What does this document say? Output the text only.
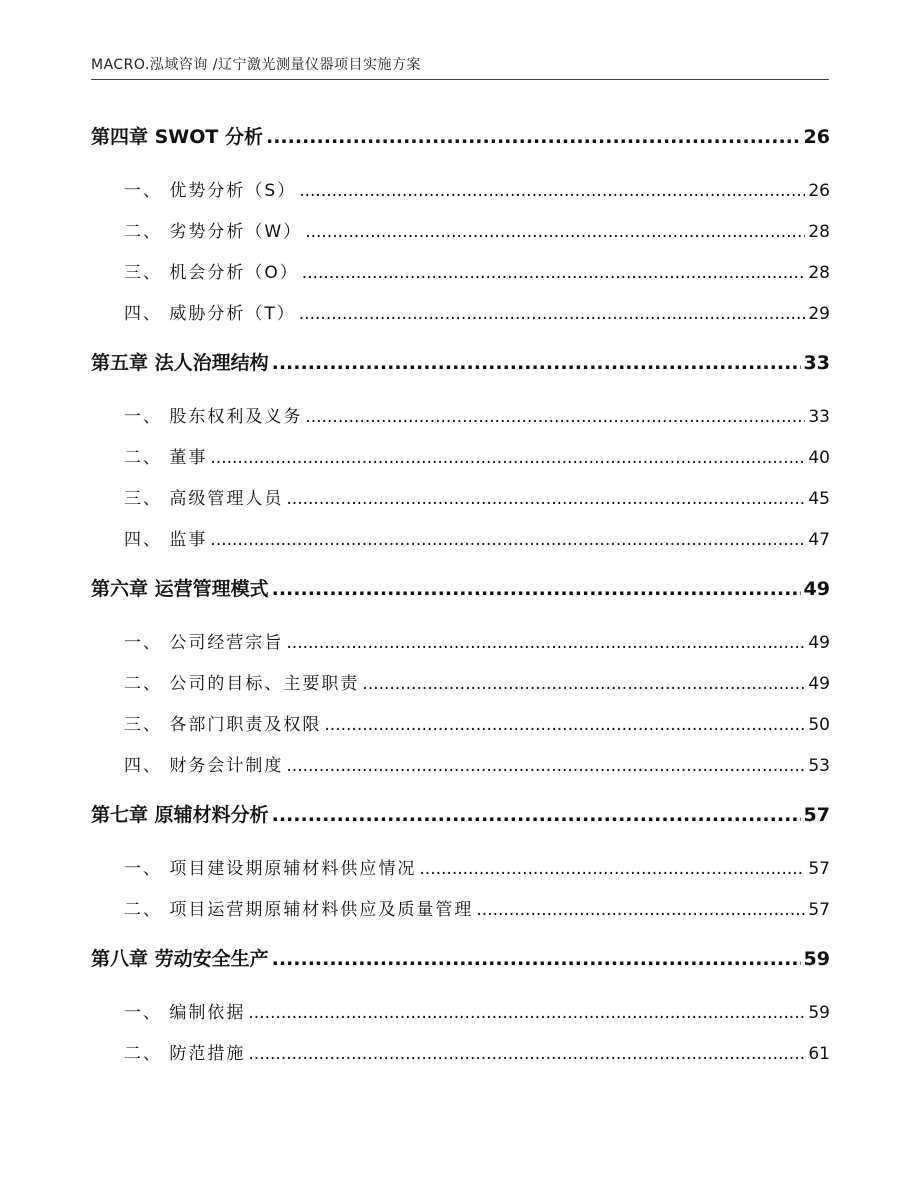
MACRO.泓域咨询 /辽宁激光测量仪器项目实施方案
第四章 SWOT 分析 .....	26
一、 优势分析（S） .....	26
二、 劣势分析（W） .....	28
三、 机会分析（O） .....	28
四、 威胁分析（T） .....	29
第五章 法人治理结构 .....	33
一、 股东权利及义务 .....	33
二、 董事 .....	40
三、 高级管理人员 .....	45
四、 监事 .....	47
第六章 运营管理模式 .....	49
一、 公司经营宗旨 .....	49
二、 公司的目标、主要职责 .....	49
三、 各部门职责及权限 .....	50
四、 财务会计制度 .....	53
第七章 原辅材料分析 .....	57
一、 项目建设期原辅材料供应情况 .....	57
二、 项目运营期原辅材料供应及质量管理 .....	57
第八章 劳动安全生产 .....	59
一、 编制依据 .....	59
二、 防范措施 .....	61
